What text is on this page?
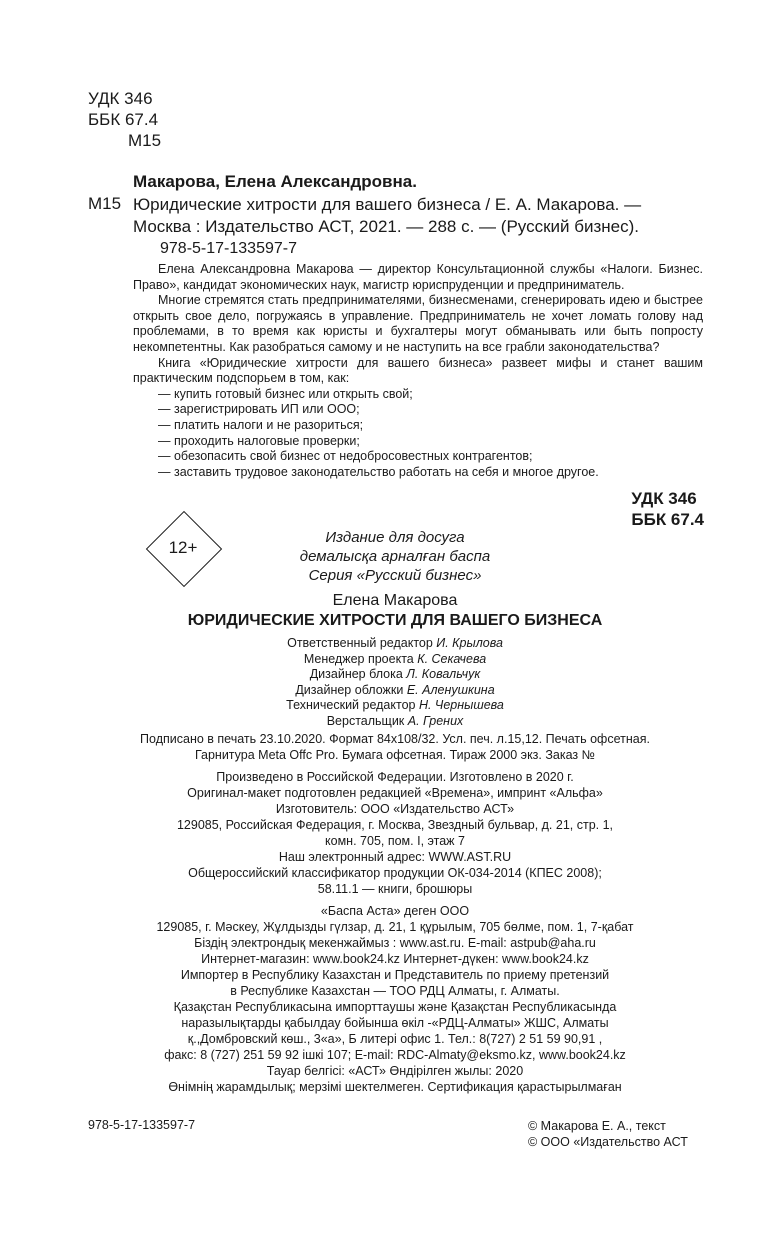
УДК 346
ББК 67.4
М15
Макарова, Елена Александровна.
М15 Юридические хитрости для вашего бизнеса / Е. А. Макарова. —
Москва : Издательство АСТ, 2021. — 288 с. — (Русский бизнес).
978-5-17-133597-7

Елена Александровна Макарова — директор Консультационной службы «Налоги. Бизнес. Право», кандидат экономических наук, магистр юриспруденции и предприниматель.

Многие стремятся стать предпринимателями, бизнесменами, сгенерировать идею и быстрее открыть свое дело, погружаясь в управление. Предприниматель не хочет ломать голову над проблемами, в то время как юристы и бухгалтеры могут обманывать или быть попросту некомпетентны. Как разобраться самому и не наступить на все грабли законодательства?

Книга «Юридические хитрости для вашего бизнеса» развеет мифы и станет вашим практическим подспорьем в том, как:

— купить готовый бизнес или открыть свой;
— зарегистрировать ИП или ООО;
— платить налоги и не разориться;
— проходить налоговые проверки;
— обезопасить свой бизнес от недобросовестных контрагентов;
— заставить трудовое законодательство работать на себя и многое другое.
УДК 346
ББК 67.4
12+
Издание для досуга
демалысқа арналған баспа
Серия «Русский бизнес»
Елена Макарова
ЮРИДИЧЕСКИЕ ХИТРОСТИ ДЛЯ ВАШЕГО БИЗНЕСА
Ответственный редактор И. Крылова
Менеджер проекта К. Секачева
Дизайнер блока Л. Ковальчук
Дизайнер обложки Е. Аленушкина
Технический редактор Н. Чернышева
Верстальщик А. Грених
Подписано в печать 23.10.2020. Формат 84x108/32. Усл. печ. л.15,12. Печать офсетная.
Гарнитура Meta Offc Pro. Бумага офсетная. Тираж 2000 экз. Заказ №
Произведено в Российской Федерации. Изготовлено в 2020 г.
Оригинал-макет подготовлен редакцией «Времена», импринт «Альфа»
Изготовитель: ООО «Издательство АСТ»
129085, Российская Федерация, г. Москва, Звездный бульвар, д. 21, стр. 1,
комн. 705, пом. I, этаж 7
Наш электронный адрес: WWW.AST.RU
Общероссийский классификатор продукции ОК-034-2014 (КПЕС 2008);
58.11.1 — книги, брошюры
«Баспа Аста» деген ООО
129085, г. Мәскеу, Жұлдызды гүлзар, д. 21, 1 құрылым, 705 бөлме, пом. 1, 7-қабат
Біздің электрондық мекенжаймыз : www.ast.ru. E-mail: astpub@aha.ru
Интернет-магазин: www.book24.kz Интернет-дүкен: www.book24.kz
Импортер в Республику Казахстан и Представитель по приему претензий
в Республике Казахстан — ТОО РДЦ Алматы, г. Алматы.
Қазақстан Республикасына импорттаушы және Қазақстан Республикасында
наразылықтарды қабылдау бойынша өкіл -«РДЦ-Алматы» ЖШС, Алматы
қ.,Домбровский көш., 3«а», Б литері офис 1. Тел.: 8(727) 2 51 59 90,91 ,
факс: 8 (727) 251 59 92 ішкі 107; E-mail: RDC-Almaty@eksmo.kz, www.book24.kz
Тауар белгісі: «АСТ» Өндірілген жылы: 2020
Өнімнің жарамдылық; мерзімі шектелмеген. Сертификация қарастырылмаған
978-5-17-133597-7	© Макарова Е. А., текст
© ООО «Издательство АСТ
